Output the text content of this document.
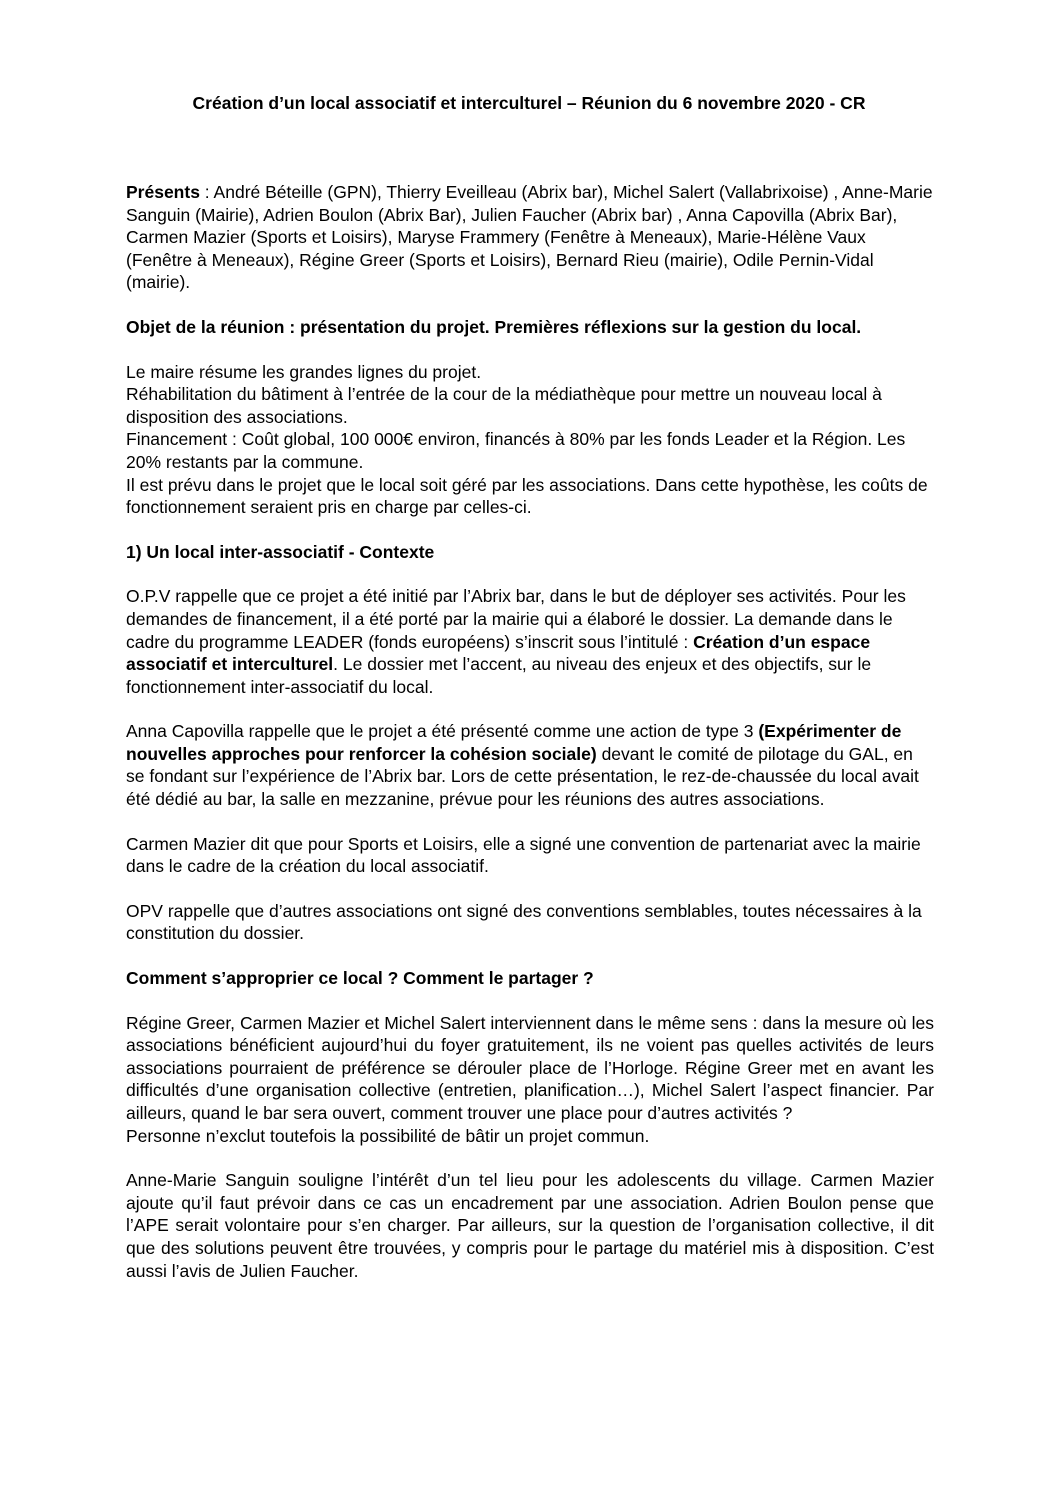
Création d’un local associatif et interculturel – Réunion du 6 novembre 2020 - CR

Présents : André Béteille (GPN), Thierry Eveilleau (Abrix bar), Michel Salert (Vallabrixoise) , Anne-Marie Sanguin (Mairie), Adrien Boulon (Abrix Bar), Julien Faucher (Abrix bar) , Anna Capovilla (Abrix Bar), Carmen Mazier (Sports et Loisirs), Maryse Frammery (Fenêtre à Meneaux), Marie-Hélène Vaux (Fenêtre à Meneaux), Régine Greer (Sports et Loisirs), Bernard Rieu (mairie), Odile Pernin-Vidal (mairie).

Objet de la réunion : présentation du projet. Premières réflexions sur la gestion du local.

Le maire résume les grandes lignes du projet.

Réhabilitation du bâtiment à l’entrée de la cour de la médiathèque pour mettre un nouveau local à disposition des associations.

Financement : Coût global, 100 000€ environ, financés à 80% par les fonds Leader et la Région. Les 20% restants par la commune.

Il est prévu dans le projet que le local soit géré par les associations. Dans cette hypothèse, les coûts de fonctionnement seraient pris en charge par celles-ci.

1) Un local inter-associatif - Contexte

O.P.V rappelle que ce projet a été initié par l’Abrix bar, dans le but de déployer ses activités. Pour les demandes de financement, il a été porté par la mairie qui a élaboré le dossier. La demande dans le cadre du programme LEADER (fonds européens) s’inscrit sous l’intitulé : Création d’un espace associatif et interculturel. Le dossier met l’accent, au niveau des enjeux et des objectifs, sur le fonctionnement inter-associatif du local.

Anna Capovilla rappelle que le projet a été présenté comme une action de type 3 (Expérimenter de nouvelles approches pour renforcer la cohésion sociale) devant le comité de pilotage du GAL, en se fondant sur l’expérience de l’Abrix bar. Lors de cette présentation, le rez-de-chaussée du local avait été dédié au bar, la salle en mezzanine, prévue pour les réunions des autres associations.

Carmen Mazier dit que pour Sports et Loisirs, elle a signé une convention de partenariat avec la mairie dans le cadre de la création du local associatif.

OPV rappelle que d’autres associations ont signé des conventions semblables, toutes nécessaires à la constitution du dossier.

Comment s’approprier ce local ? Comment le partager ?

Régine Greer, Carmen Mazier et Michel Salert interviennent dans le même sens : dans la mesure où les associations bénéficient aujourd’hui du foyer gratuitement, ils ne voient pas quelles activités de leurs associations pourraient de préférence se dérouler place de l’Horloge. Régine Greer met en avant les difficultés d’une organisation collective (entretien, planification…), Michel Salert l’aspect financier. Par ailleurs, quand le bar sera ouvert, comment trouver une place pour d’autres activités ?

Personne n’exclut toutefois la possibilité de bâtir un projet commun.

Anne-Marie Sanguin souligne l’intérêt d’un tel lieu pour les adolescents du village. Carmen Mazier ajoute qu’il faut prévoir dans ce cas un encadrement par une association. Adrien Boulon pense que l’APE serait volontaire pour s’en charger. Par ailleurs, sur la question de l’organisation collective, il dit que des solutions peuvent être trouvées, y compris pour le partage du matériel mis à disposition. C’est aussi l’avis de Julien Faucher.
